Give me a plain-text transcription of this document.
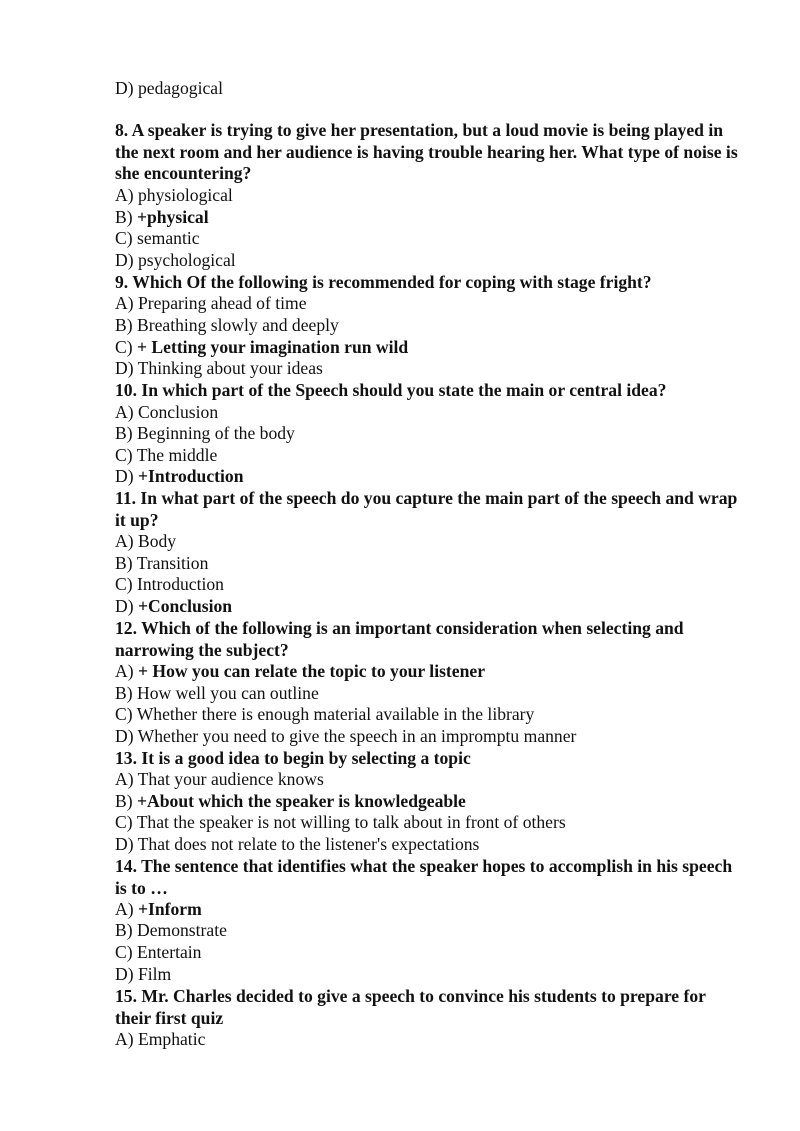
D) pedagogical
8. A speaker is trying to give her presentation, but a loud movie is being played in the next room and her audience is having trouble hearing her. What type of noise is she encountering?
A) physiological
B) +physical
C) semantic
D) psychological
9. Which Of the following is recommended for coping with stage fright?
A) Preparing ahead of time
B) Breathing slowly and deeply
C) + Letting your imagination run wild
D) Thinking about your ideas
10. In which part of the Speech should you state the main or central idea?
A) Conclusion
B) Beginning of the body
C) The middle
D) +Introduction
11. In what part of the speech do you capture the main part of the speech and wrap it up?
A) Body
B) Transition
C) Introduction
D) +Conclusion
12. Which of the following is an important consideration when selecting and narrowing the subject?
A) + How you can relate the topic to your listener
B) How well you can outline
C) Whether there is enough material available in the library
D) Whether you need to give the speech in an impromptu manner
13. It is a good idea to begin by selecting a topic
A) That your audience knows
B) +About which the speaker is knowledgeable
C) That the speaker is not willing to talk about in front of others
D) That does not relate to the listener's expectations
14. The sentence that identifies what the speaker hopes to accomplish in his speech is to …
A) +Inform
B) Demonstrate
C) Entertain
D) Film
15. Mr. Charles decided to give a speech to convince his students to prepare for their first quiz
A) Emphatic
